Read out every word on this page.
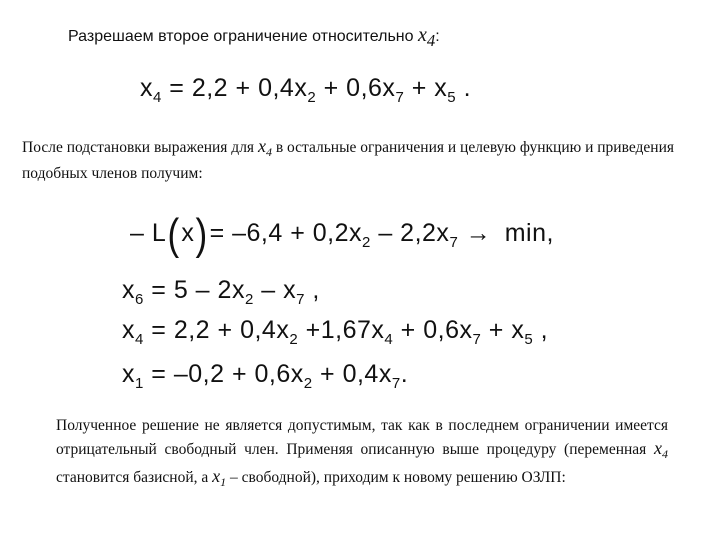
Разрешаем второе ограничение относительно $x_4$:
$x_4 = 2,2 + 0,4x_2 + 0,6x_7 + x_5$ .
После подстановки выражения для $x_4$ в остальные ограничения и целевую функцию и приведения подобных членов получим:
– $L(x)= -6,4 + 0,2x_2 - 2,2x_7 \to \min$,
$x_6 = 5 - 2x_2 - x_7$ ,
$x_4 = 2,2 + 0,4x_2 +1,67x_4 + 0,6x_7 + x_5$ ,
$x_1 = -0,2 + 0,6x_2 + 0,4x_7$.
Полученное решение не является допустимым, так как в последнем ограничении имеется отрицательный свободный член. Применяя описанную выше процедуру (переменная $x_4$ становится базисной, а $x_1$ – свободной), приходим к новому решению ОЗЛП:
